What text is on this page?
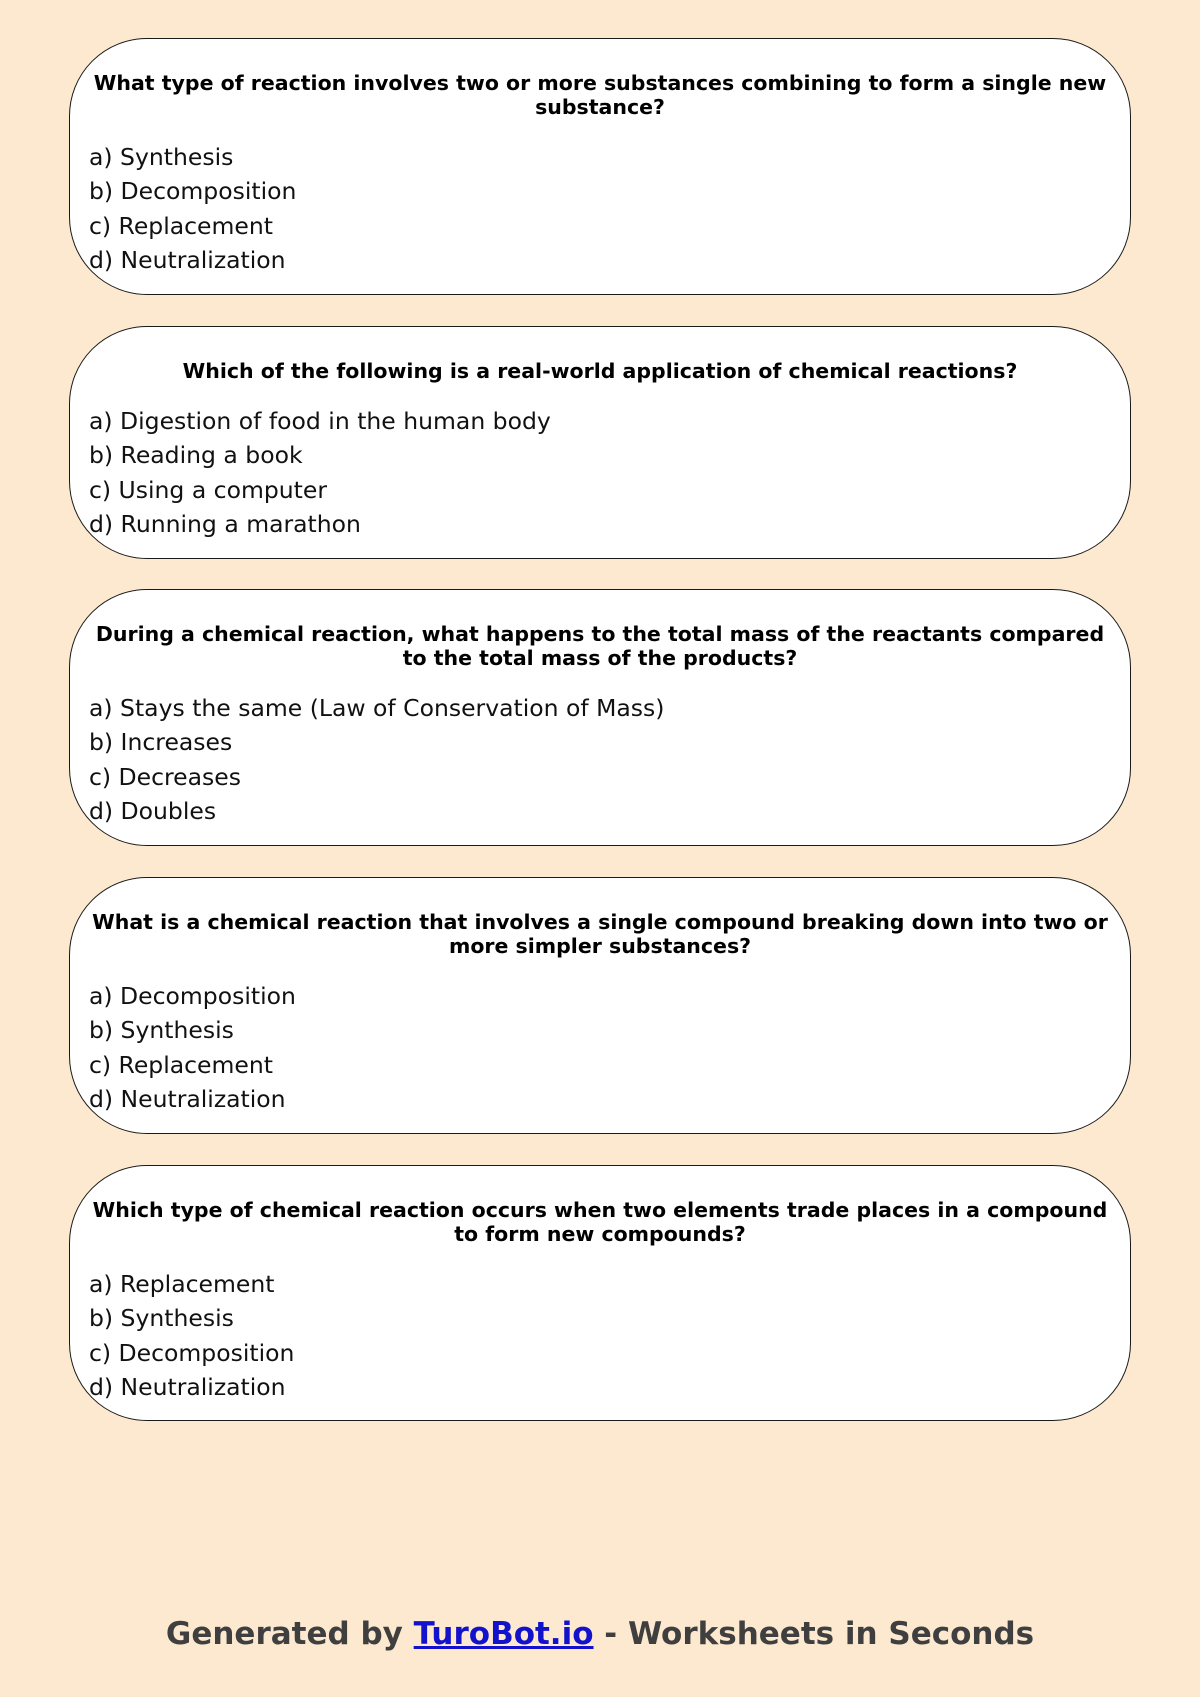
What type of reaction involves two or more substances combining to form a single new substance?

a) Synthesis
b) Decomposition
c) Replacement
d) Neutralization

Which of the following is a real-world application of chemical reactions?

a) Digestion of food in the human body
b) Reading a book
c) Using a computer
d) Running a marathon

During a chemical reaction, what happens to the total mass of the reactants compared to the total mass of the products?

a) Stays the same (Law of Conservation of Mass)
b) Increases
c) Decreases
d) Doubles

What is a chemical reaction that involves a single compound breaking down into two or more simpler substances?

a) Decomposition
b) Synthesis
c) Replacement
d) Neutralization

Which type of chemical reaction occurs when two elements trade places in a compound to form new compounds?

a) Replacement
b) Synthesis
c) Decomposition
d) Neutralization
Generated by TuroBot.io - Worksheets in Seconds
